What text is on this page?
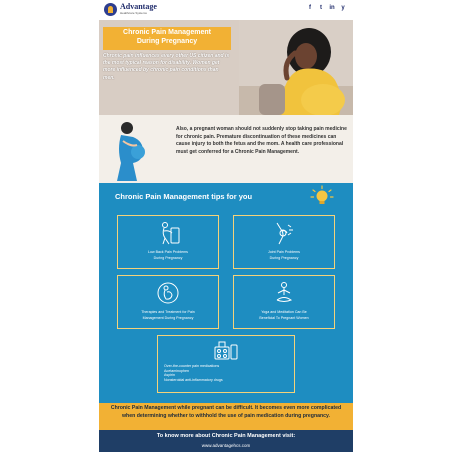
Advantage
Healthcare Systems
f	t	in	y
Chronic Pain Management
During Pregnancy
Chronic pain influences every other US citizen and is the most typical reason for disability. Women get more influenced by chronic pain conditions than men.
Also, a pregnant woman should not suddenly stop taking pain medicine for chronic pain. Premature discontinuation of these medicines can cause injury to both the fetus and the mom. A health care professional must get conferred for a Chronic Pain Management.
Chronic Pain Management tips for you
Low Back Pain Problems
During Pregnancy
Joint Pain Problems
During Pregnancy
Therapies and Treatment for Pain
Management During Pregnancy
Yoga and Meditation Can Be
Beneficial To Pregnant Women
Over-the-counter pain medications
Acetaminophen
Aspirin
Nonsteroidal anti-inflammatory drugs
Chronic Pain Management while pregnant can be difficult. It becomes even more complicated when determining whether to withhold the use of pain medication during pregnancy.
To know more about Chronic Pain Management visit:
www.advantagehcs.com
